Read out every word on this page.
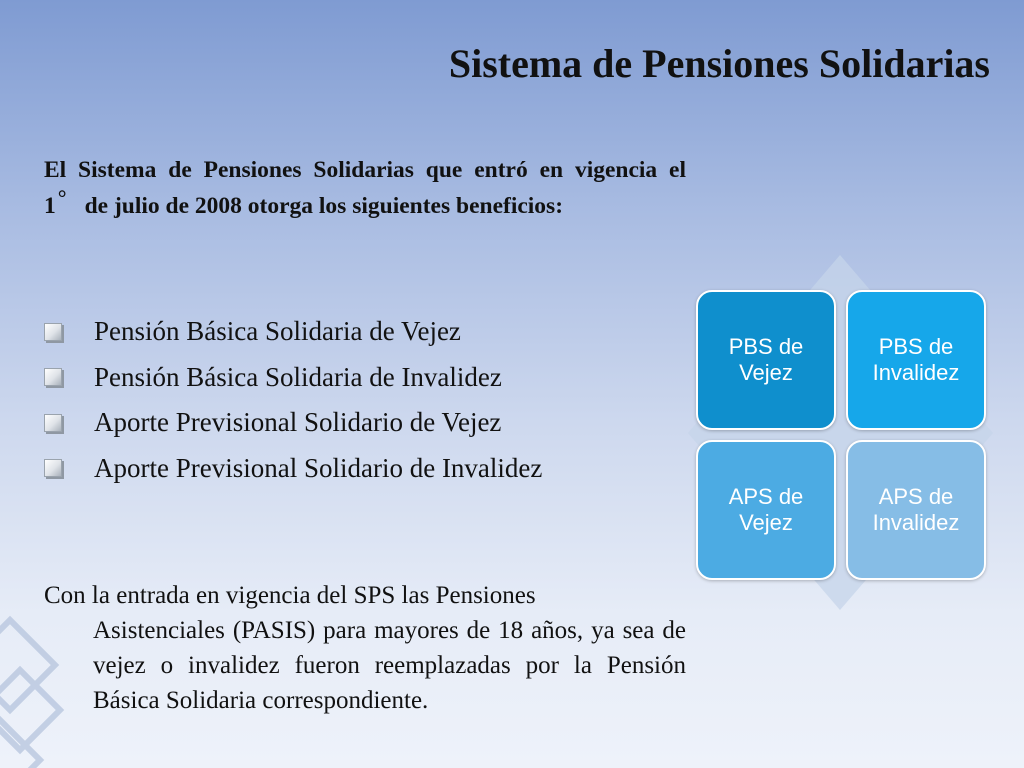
Sistema de Pensiones Solidarias

El Sistema de Pensiones Solidarias que entró en vigencia el 1° de julio de 2008 otorga los siguientes beneficios:

Pensión Básica Solidaria de Vejez
Pensión Básica Solidaria de Invalidez
Aporte Previsional Solidario de Vejez
Aporte Previsional Solidario de Invalidez

Con la entrada en vigencia del SPS las Pensiones
Asistenciales (PASIS) para mayores de 18 años, ya sea de vejez o invalidez fueron reemplazadas por la Pensión Básica Solidaria correspondiente.

PBS de
Vejez
PBS de
Invalidez
APS de
Vejez
APS de
Invalidez
